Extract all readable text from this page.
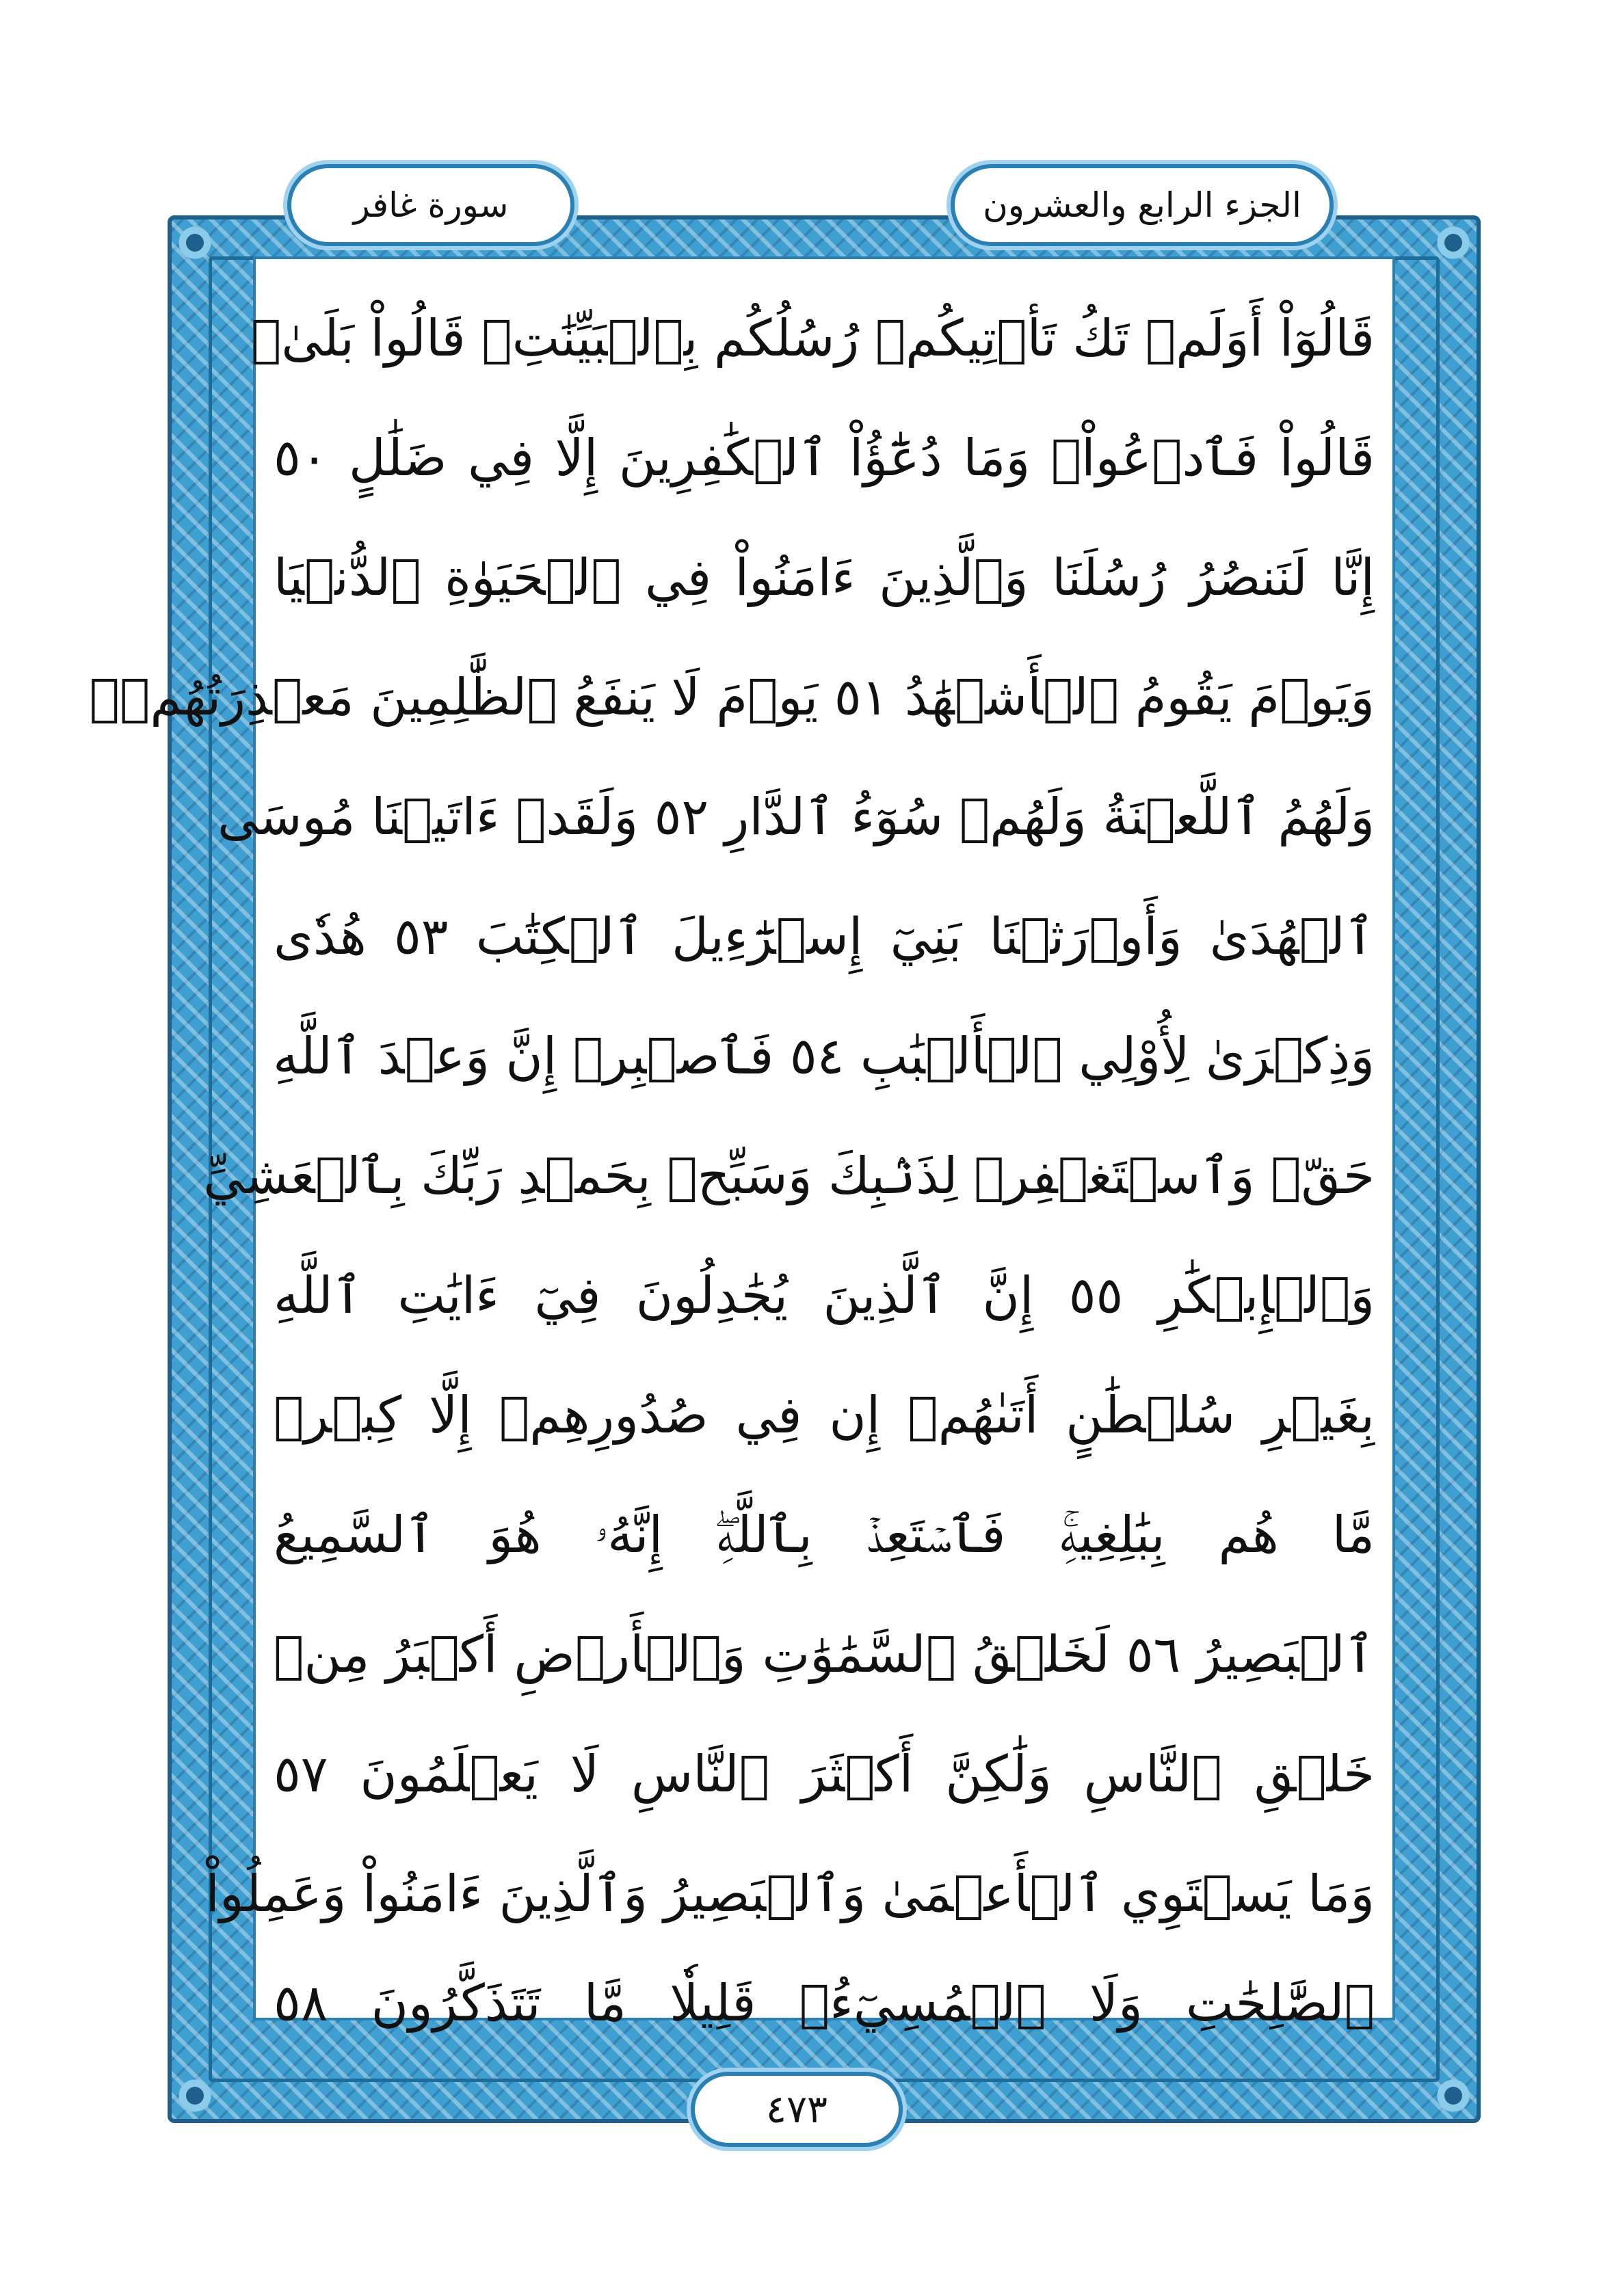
الجزء الرابع والعشرون
سورة غافر
قَالُوٓاْ أَوَلَمۡ تَكُ تَأۡتِيكُمۡ رُسُلُكُم بِٱلۡبَيِّنَٰتِۖ قَالُواْ بَلَىٰۚ
قَالُواْ فَٱدۡعُواْۗ وَمَا دُعَٰٓؤُاْ ٱلۡكَٰفِرِينَ إِلَّا فِي ضَلَٰلٍ ٥٠
إِنَّا لَنَنصُرُ رُسُلَنَا وَٱلَّذِينَ ءَامَنُواْ فِي ٱلۡحَيَوٰةِ ٱلدُّنۡيَا
وَيَوۡمَ يَقُومُ ٱلۡأَشۡهَٰدُ ٥١ يَوۡمَ لَا يَنفَعُ ٱلظَّٰلِمِينَ مَعۡذِرَتُهُمۡۖ
وَلَهُمُ ٱللَّعۡنَةُ وَلَهُمۡ سُوٓءُ ٱلدَّارِ ٥٢ وَلَقَدۡ ءَاتَيۡنَا مُوسَى
ٱلۡهُدَىٰ وَأَوۡرَثۡنَا بَنِيٓ إِسۡرَٰٓءِيلَ ٱلۡكِتَٰبَ ٥٣ هُدٗى
وَذِكۡرَىٰ لِأُوْلِي ٱلۡأَلۡبَٰبِ ٥٤ فَٱصۡبِرۡ إِنَّ وَعۡدَ ٱللَّهِ
حَقّٞ وَٱسۡتَغۡفِرۡ لِذَنۢبِكَ وَسَبِّحۡ بِحَمۡدِ رَبِّكَ بِٱلۡعَشِيِّ
وَٱلۡإِبۡكَٰرِ ٥٥ إِنَّ ٱلَّذِينَ يُجَٰدِلُونَ فِيٓ ءَايَٰتِ ٱللَّهِ
بِغَيۡرِ سُلۡطَٰنٍ أَتَىٰهُمۡ إِن فِي صُدُورِهِمۡ إِلَّا كِبۡرٞ
مَّا هُم بِبَٰلِغِيهِۚ فَٱسۡتَعِذۡ بِٱللَّهِۖ إِنَّهُۥ هُوَ ٱلسَّمِيعُ
ٱلۡبَصِيرُ ٥٦ لَخَلۡقُ ٱلسَّمَٰوَٰتِ وَٱلۡأَرۡضِ أَكۡبَرُ مِنۡ
خَلۡقِ ٱلنَّاسِ وَلَٰكِنَّ أَكۡثَرَ ٱلنَّاسِ لَا يَعۡلَمُونَ ٥٧
وَمَا يَسۡتَوِي ٱلۡأَعۡمَىٰ وَٱلۡبَصِيرُ وَٱلَّذِينَ ءَامَنُواْ وَعَمِلُواْ
ٱلصَّٰلِحَٰتِ وَلَا ٱلۡمُسِيٓءُۚ قَلِيلٗا مَّا تَتَذَكَّرُونَ ٥٨
٤٧٣
